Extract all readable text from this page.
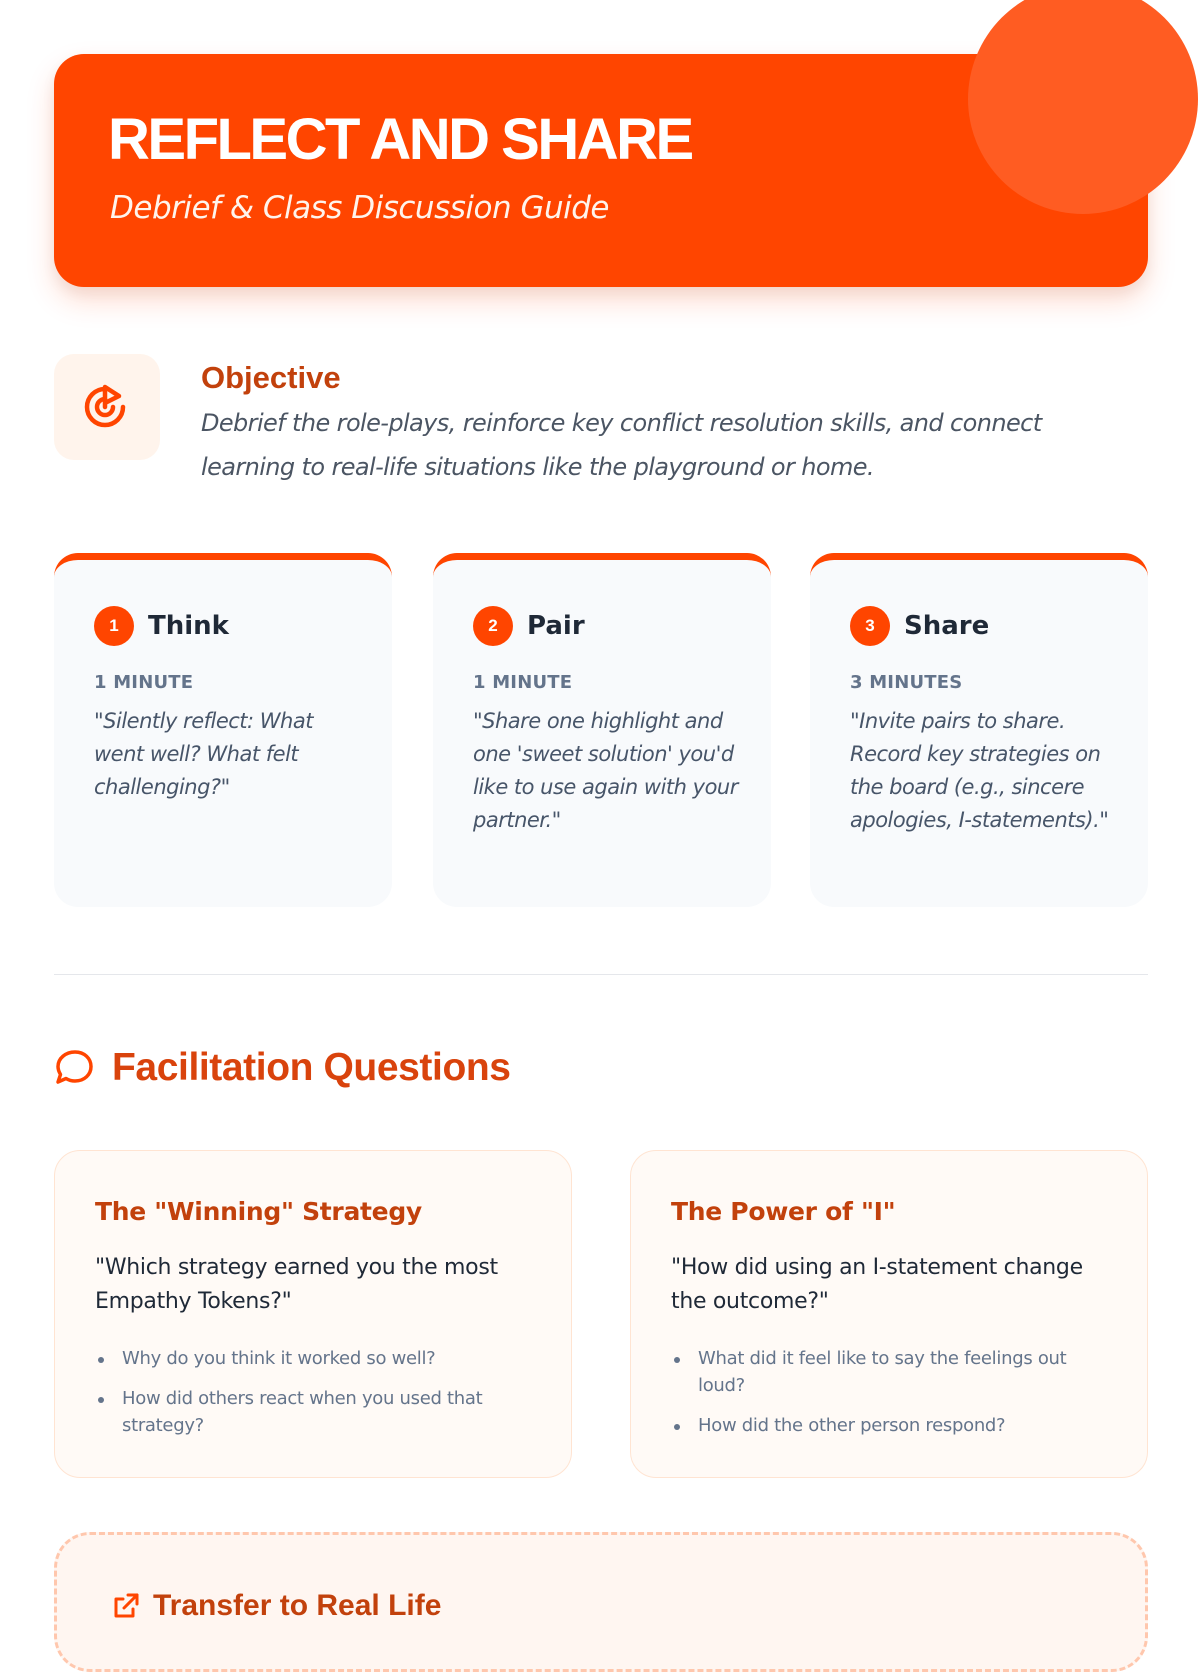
REFLECT AND SHARE
Debrief & Class Discussion Guide
Objective

Debrief the role-plays, reinforce key conflict resolution skills, and connect learning to real-life situations like the playground or home.

1	Think
1 MINUTE

"Silently reflect: What went well? What felt challenging?"

2	Pair
1 MINUTE

"Share one highlight and one 'sweet solution' you'd like to use again with your partner."

3	Share
3 MINUTES

"Invite pairs to share. Record key strategies on the board (e.g., sincere apologies, I-statements)."

Facilitation Questions
The "Winning" Strategy

"Which strategy earned you the most Empathy Tokens?"

Why do you think it worked so well?
How did others react when you used that strategy?
The Power of "I"

"How did using an I-statement change the outcome?"

What did it feel like to say the feelings out loud?
How did the other person respond?
Transfer to Real Life
